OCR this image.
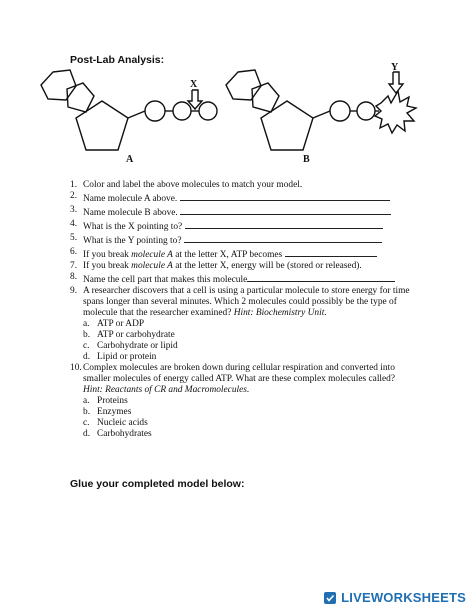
Post-Lab Analysis:
X
Y
A	B
1. Color and label the above molecules to match your model.
2. Name molecule A above.
3. Name molecule B above.
4. What is the X pointing to?
5. What is the Y pointing to?
6. If you break molecule A at the letter X, ATP becomes
7. If you break molecule A at the letter X, energy will be (stored or released).
8. Name the cell part that makes this molecule
9. A researcher discovers that a cell is using a particular molecule to store energy for time spans longer than several minutes. Which 2 molecules could possibly be the type of molecule that the researcher examined? Hint: Biochemistry Unit.
a. ATP or ADP
b. ATP or carbohydrate
c. Carbohydrate or lipid
d. Lipid or protein
10. Complex molecules are broken down during cellular respiration and converted into smaller molecules of energy called ATP. What are these complex molecules called? Hint: Reactants of CR and Macromolecules.
a. Proteins
b. Enzymes
c. Nucleic acids
d. Carbohydrates
Glue your completed model below:
LIVEWORKSHEETS
